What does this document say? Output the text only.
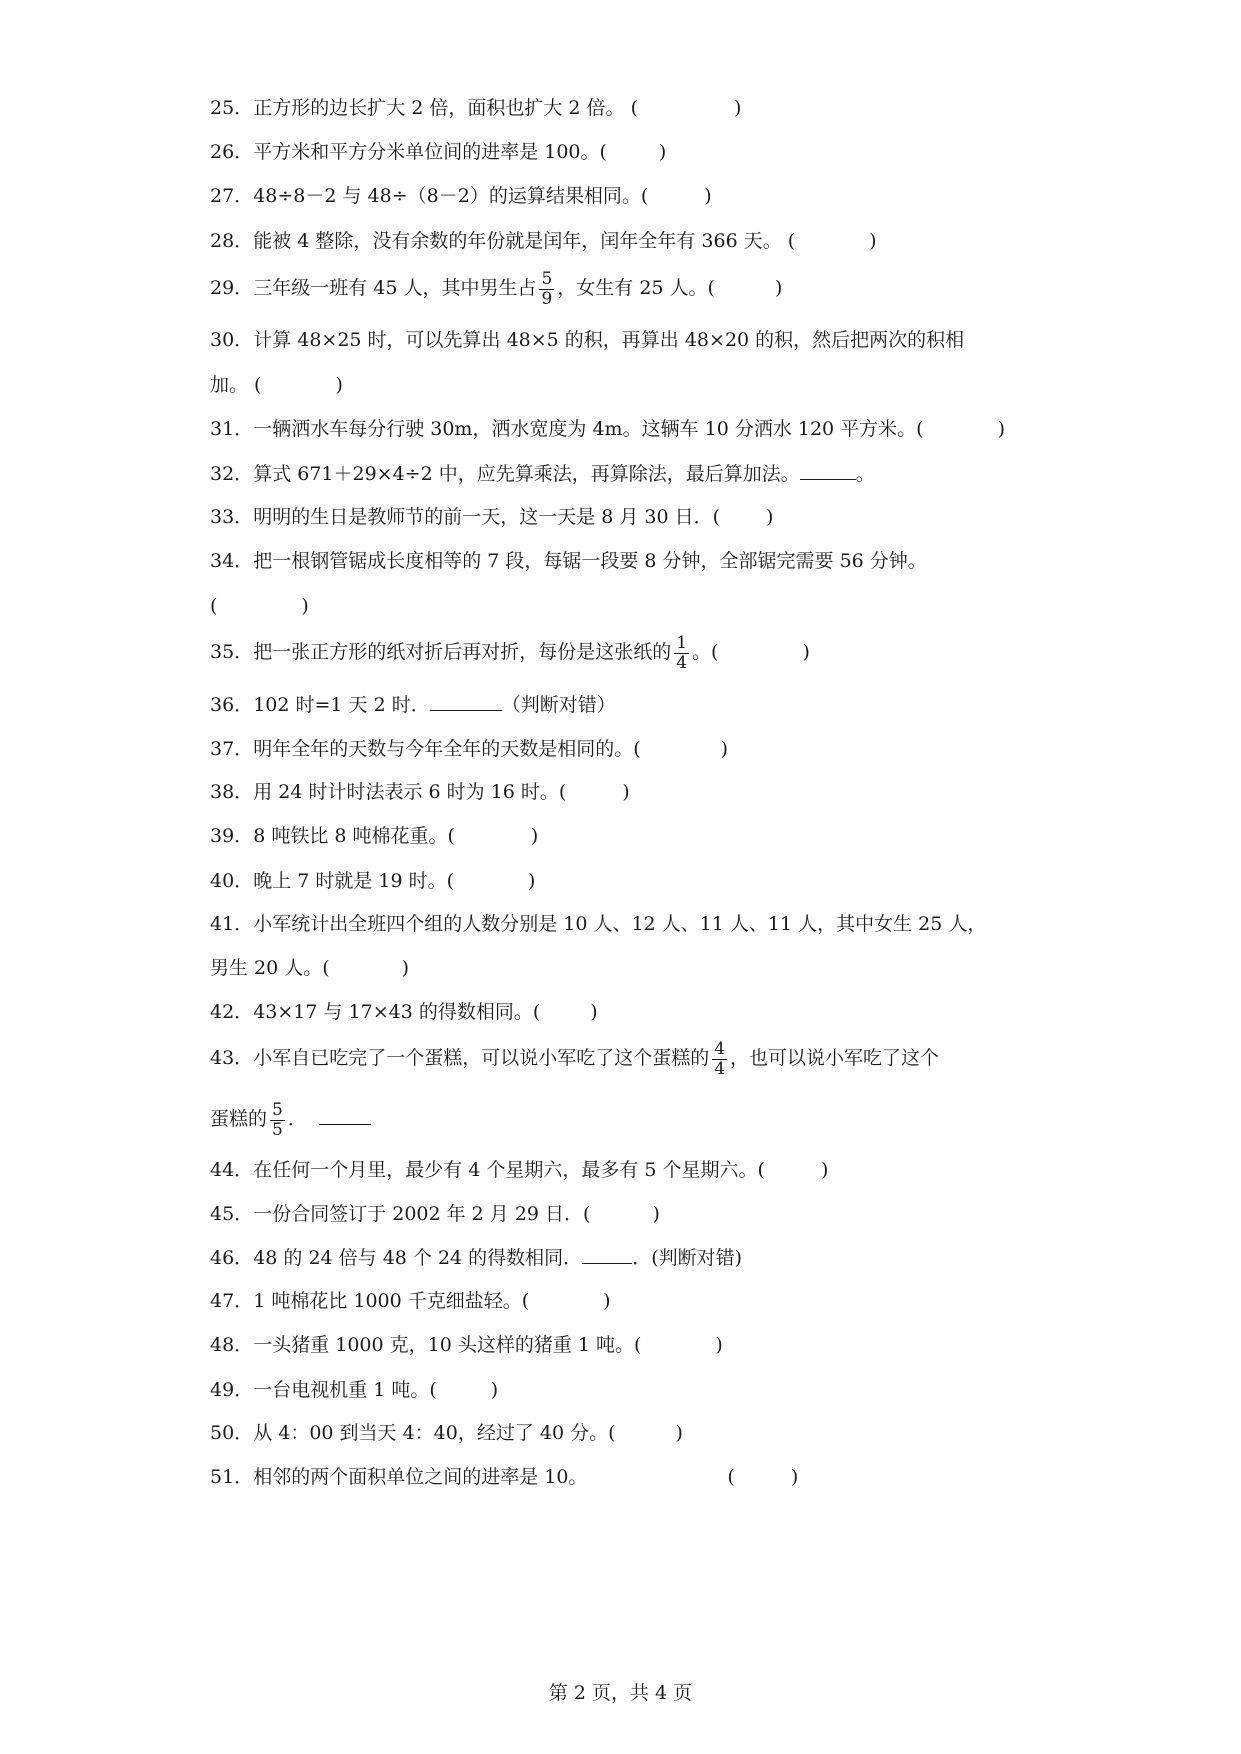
25．正方形的边长扩大 2 倍，面积也扩大 2 倍。 (	)
26．平方米和平方分米单位间的进率是 100。(	)
27．48÷8－2 与 48÷（8－2）的运算结果相同。(	)
28．能被 4 整除，没有余数的年份就是闰年，闰年全年有 366 天。 (	)
29．三年级一班有 45 人，其中男生占 $\frac{5}{9}$ ，女生有 25 人。(	)
30．计算 48×25 时，可以先算出 48×5 的积，再算出 48×20 的积，然后把两次的积相
加。 (	)
31．一辆洒水车每分行驶 30m，洒水宽度为 4m。这辆车 10 分洒水 120 平方米。(	)
32．算式 671＋29×4÷2 中，应先算乘法，再算除法，最后算加法。	。
33．明明的生日是教师节的前一天，这一天是 8 月 30 日．( )
34．把一根钢管锯成长度相等的 7 段，每锯一段要 8 分钟，全部锯完需要 56 分钟。
(	)
35．把一张正方形的纸对折后再对折，每份是这张纸的 $\frac{1}{4}$ 。(	)
36．102 时=1 天 2 时．	（判断对错）
37．明年全年的天数与今年全年的天数是相同的。(	)
38．用 24 时计时法表示 6 时为 16 时。(	)
39．8 吨铁比 8 吨棉花重。(	)
40．晚上 7 时就是 19 时。(	)
41．小军统计出全班四个组的人数分别是 10 人、12 人、11 人、11 人，其中女生 25 人，
男生 20 人。(	)
42．43×17 与 17×43 的得数相同。(	)
43．小军自已吃完了一个蛋糕，可以说小军吃了这个蛋糕的 $\frac{4}{4}$ ，也可以说小军吃了这个
蛋糕的 $\frac{5}{5}$ ．
44．在任何一个月里，最少有 4 个星期六，最多有 5 个星期六。(	)
45．一份合同签订于 2002 年 2 月 29 日．(	)
46．48 的 24 倍与 48 个 24 的得数相同．	．(判断对错)
47．1 吨棉花比 1000 千克细盐轻。(	)
48．一头猪重 1000 克，10 头这样的猪重 1 吨。(	)
49．一台电视机重 1 吨。(	)
50．从 4：00 到当天 4：40，经过了 40 分。(	)
51．相邻的两个面积单位之间的进率是 10。	(	)
第 2 页，共 4 页
